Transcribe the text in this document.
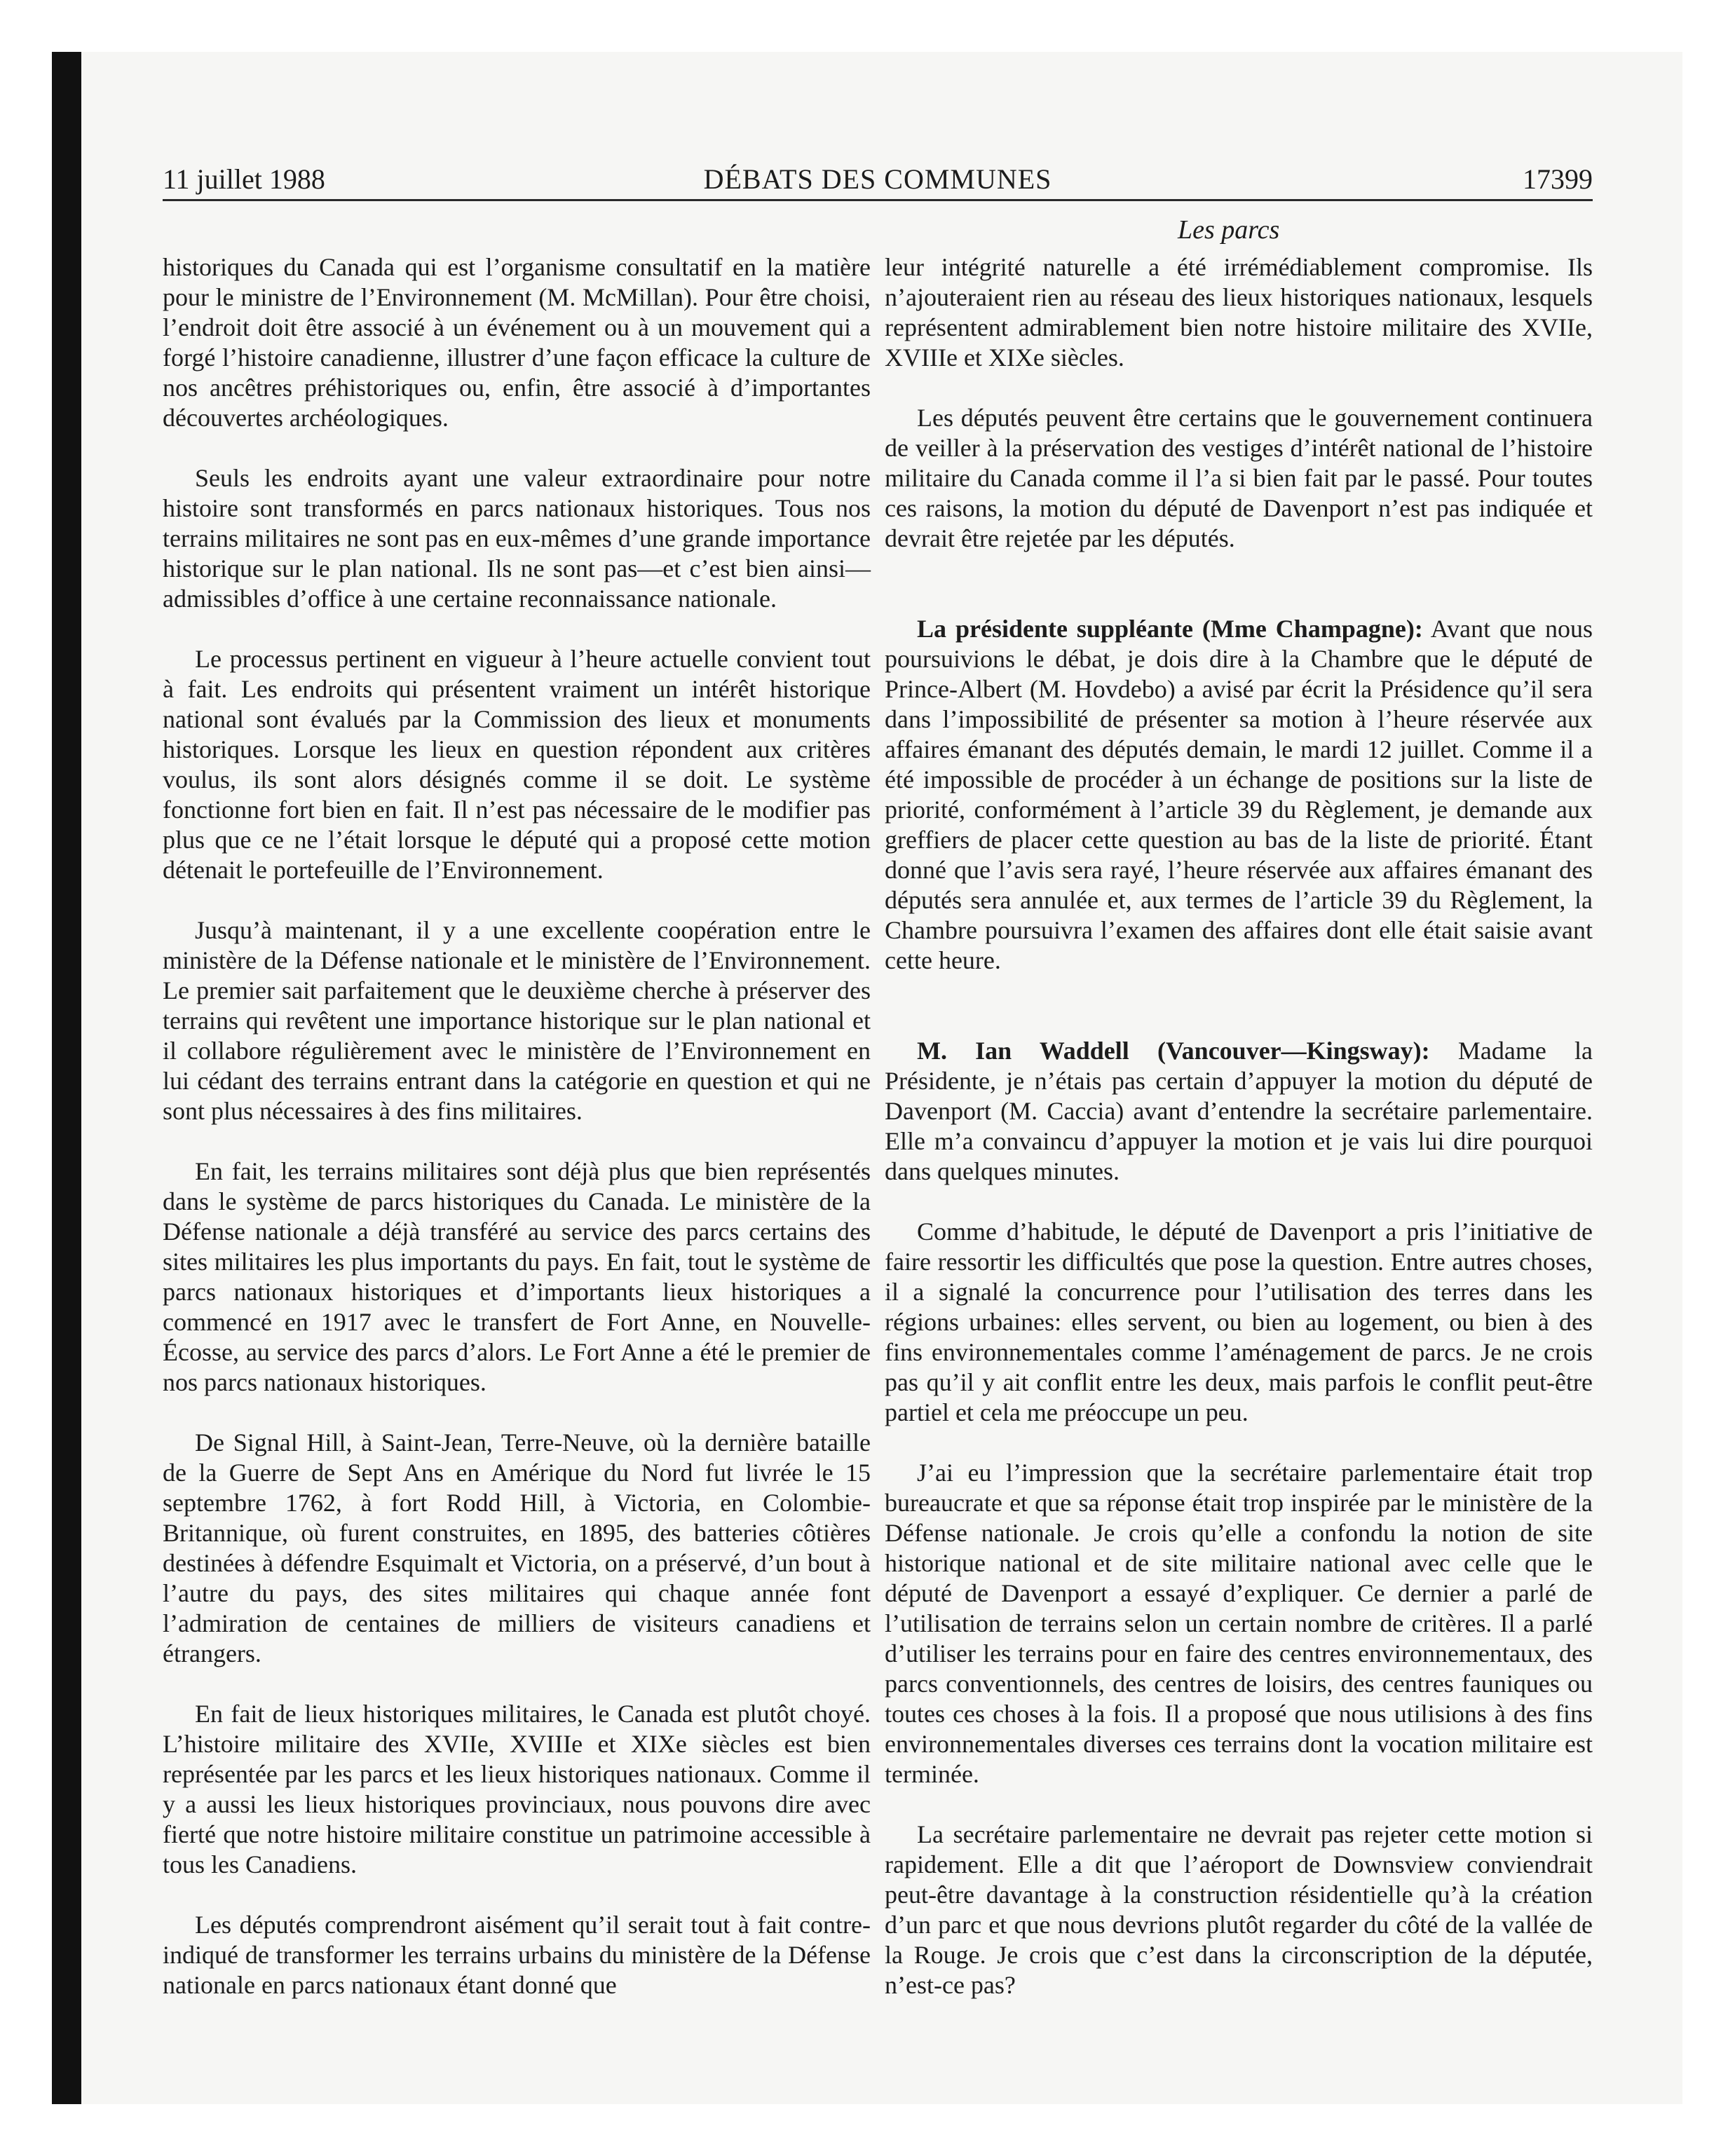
11 juillet 1988	DÉBATS DES COMMUNES	17399
Les parcs

historiques du Canada qui est l’organisme consultatif en la matière pour le ministre de l’Environnement (M. McMillan). Pour être choisi, l’endroit doit être associé à un événement ou à un mouvement qui a forgé l’histoire canadienne, illustrer d’une façon efficace la culture de nos ancêtres préhistoriques ou, enfin, être associé à d’importantes découvertes archéologiques.

Seuls les endroits ayant une valeur extraordinaire pour notre histoire sont transformés en parcs nationaux historiques. Tous nos terrains militaires ne sont pas en eux-mêmes d’une grande importance historique sur le plan national. Ils ne sont pas—et c’est bien ainsi—admissibles d’office à une certaine reconnaissance nationale.

Le processus pertinent en vigueur à l’heure actuelle convient tout à fait. Les endroits qui présentent vraiment un intérêt historique national sont évalués par la Commission des lieux et monuments historiques. Lorsque les lieux en question répondent aux critères voulus, ils sont alors désignés comme il se doit. Le système fonctionne fort bien en fait. Il n’est pas nécessaire de le modifier pas plus que ce ne l’était lorsque le député qui a proposé cette motion détenait le portefeuille de l’Environnement.

Jusqu’à maintenant, il y a une excellente coopération entre le ministère de la Défense nationale et le ministère de l’Environnement. Le premier sait parfaitement que le deuxième cherche à préserver des terrains qui revêtent une importance historique sur le plan national et il collabore régulièrement avec le ministère de l’Environnement en lui cédant des terrains entrant dans la catégorie en question et qui ne sont plus nécessaires à des fins militaires.

En fait, les terrains militaires sont déjà plus que bien représentés dans le système de parcs historiques du Canada. Le ministère de la Défense nationale a déjà transféré au service des parcs certains des sites militaires les plus importants du pays. En fait, tout le système de parcs nationaux historiques et d’importants lieux historiques a commencé en 1917 avec le transfert de Fort Anne, en Nouvelle-Écosse, au service des parcs d’alors. Le Fort Anne a été le premier de nos parcs nationaux historiques.

De Signal Hill, à Saint-Jean, Terre-Neuve, où la dernière bataille de la Guerre de Sept Ans en Amérique du Nord fut livrée le 15 septembre 1762, à fort Rodd Hill, à Victoria, en Colombie-Britannique, où furent construites, en 1895, des batteries côtières destinées à défendre Esquimalt et Victoria, on a préservé, d’un bout à l’autre du pays, des sites militaires qui chaque année font l’admiration de centaines de milliers de visiteurs canadiens et étrangers.

En fait de lieux historiques militaires, le Canada est plutôt choyé. L’histoire militaire des XVIIe, XVIIIe et XIXe siècles est bien représentée par les parcs et les lieux historiques nationaux. Comme il y a aussi les lieux historiques provinciaux, nous pouvons dire avec fierté que notre histoire militaire constitue un patrimoine accessible à tous les Canadiens.

Les députés comprendront aisément qu’il serait tout à fait contre-indiqué de transformer les terrains urbains du ministère de la Défense nationale en parcs nationaux étant donné que

leur intégrité naturelle a été irrémédiablement compromise. Ils n’ajouteraient rien au réseau des lieux historiques nationaux, lesquels représentent admirablement bien notre histoire militaire des XVIIe, XVIIIe et XIXe siècles.

Les députés peuvent être certains que le gouvernement continuera de veiller à la préservation des vestiges d’intérêt national de l’histoire militaire du Canada comme il l’a si bien fait par le passé. Pour toutes ces raisons, la motion du député de Davenport n’est pas indiquée et devrait être rejetée par les députés.

La présidente suppléante (Mme Champagne): Avant que nous poursuivions le débat, je dois dire à la Chambre que le député de Prince-Albert (M. Hovdebo) a avisé par écrit la Présidence qu’il sera dans l’impossibilité de présenter sa motion à l’heure réservée aux affaires émanant des députés demain, le mardi 12 juillet. Comme il a été impossible de procéder à un échange de positions sur la liste de priorité, conformément à l’article 39 du Règlement, je demande aux greffiers de placer cette question au bas de la liste de priorité. Étant donné que l’avis sera rayé, l’heure réservée aux affaires émanant des députés sera annulée et, aux termes de l’article 39 du Règlement, la Chambre poursuivra l’examen des affaires dont elle était saisie avant cette heure.

M. Ian Waddell (Vancouver—Kingsway): Madame la Présidente, je n’étais pas certain d’appuyer la motion du député de Davenport (M. Caccia) avant d’entendre la secrétaire parlementaire. Elle m’a convaincu d’appuyer la motion et je vais lui dire pourquoi dans quelques minutes.

Comme d’habitude, le député de Davenport a pris l’initiative de faire ressortir les difficultés que pose la question. Entre autres choses, il a signalé la concurrence pour l’utilisation des terres dans les régions urbaines: elles servent, ou bien au logement, ou bien à des fins environnementales comme l’aménagement de parcs. Je ne crois pas qu’il y ait conflit entre les deux, mais parfois le conflit peut-être partiel et cela me préoccupe un peu.

J’ai eu l’impression que la secrétaire parlementaire était trop bureaucrate et que sa réponse était trop inspirée par le ministère de la Défense nationale. Je crois qu’elle a confondu la notion de site historique national et de site militaire national avec celle que le député de Davenport a essayé d’expliquer. Ce dernier a parlé de l’utilisation de terrains selon un certain nombre de critères. Il a parlé d’utiliser les terrains pour en faire des centres environnementaux, des parcs conventionnels, des centres de loisirs, des centres fauniques ou toutes ces choses à la fois. Il a proposé que nous utilisions à des fins environnementales diverses ces terrains dont la vocation militaire est terminée.

La secrétaire parlementaire ne devrait pas rejeter cette motion si rapidement. Elle a dit que l’aéroport de Downsview conviendrait peut-être davantage à la construction résidentielle qu’à la création d’un parc et que nous devrions plutôt regarder du côté de la vallée de la Rouge. Je crois que c’est dans la circonscription de la députée, n’est-ce pas?
